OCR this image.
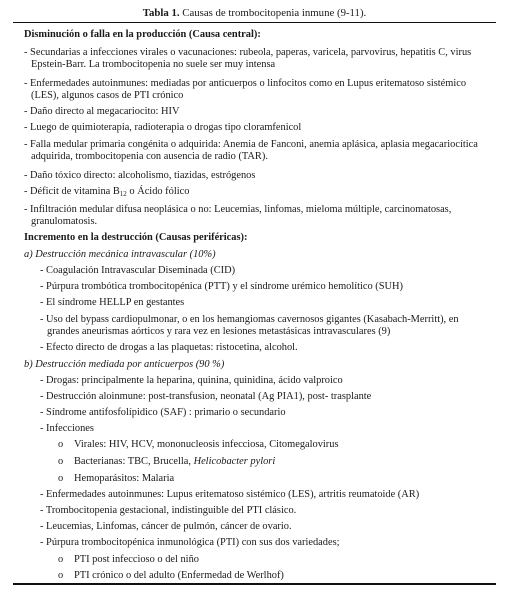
Tabla 1. Causas de trombocitopenia inmune (9-11).
Disminución o falla en la producción (Causa central):
- Secundarias a infecciones virales o vacunaciones: rubeola, paperas, varicela, parvovirus, hepatitis C, virus
Epstein-Barr. La trombocitopenia no suele ser muy intensa
- Enfermedades autoinmunes: mediadas por anticuerpos o linfocitos como en Lupus eritematoso sistémico
(LES), algunos casos de PTI crónico
- Daño directo al megacariocito: HIV
- Luego de quimioterapia, radioterapia o drogas tipo cloramfenicol
- Falla medular primaria congénita o adquirida: Anemia de Fanconi, anemia aplásica, aplasia megacariocítica
adquirida, trombocitopenia con ausencia de radio (TAR).
- Daño tóxico directo: alcoholismo, tiazidas, estrógenos
- Déficit de vitamina $B_{12}$ o Ácido fólico
- Infiltración medular difusa neoplásica o no: Leucemias, linfomas, mieloma múltiple, carcinomatosas,
granulomatosis.
Incremento en la destrucción (Causas periféricas):
a) Destrucción mecánica intravascular (10%)
- Coagulación Intravascular Diseminada (CID)
- Púrpura trombótica trombocitopénica (PTT) y el síndrome urémico hemolítico (SUH)
- El síndrome HELLP en gestantes
- Uso del bypass cardiopulmonar, o en los hemangiomas cavernosos gigantes (Kasabach-Merritt), en
grandes aneurismas aórticos y rara vez en lesiones metastásicas intravasculares (9)
- Efecto directo de drogas a las plaquetas: ristocetina, alcohol.
b) Destrucción mediada por anticuerpos (90 %)
- Drogas: principalmente la heparina, quinina, quinidina, ácido valproico
- Destrucción aloinmune: post-transfusion, neonatal (Ag PIA1), post- trasplante
- Síndrome antifosfolípidico (SAF) : primario o secundario
- Infecciones
o	Virales: HIV, HCV, mononucleosis infecciosa, Citomegalovirus
o	Bacterianas: TBC, Brucella, Helicobacter pylori
o	Hemoparásitos: Malaria
- Enfermedades autoinmunes: Lupus eritematoso sistémico (LES), artritis reumatoide (AR)
- Trombocitopenia gestacional, indistinguible del PTI clásico.
- Leucemias, Linfomas, cáncer de pulmón, cáncer de ovario.
- Púrpura trombocitopénica inmunológica (PTI) con sus dos variedades;
o	PTI post infeccioso o del niño
o	PTI crónico o del adulto (Enfermedad de Werlhof)
